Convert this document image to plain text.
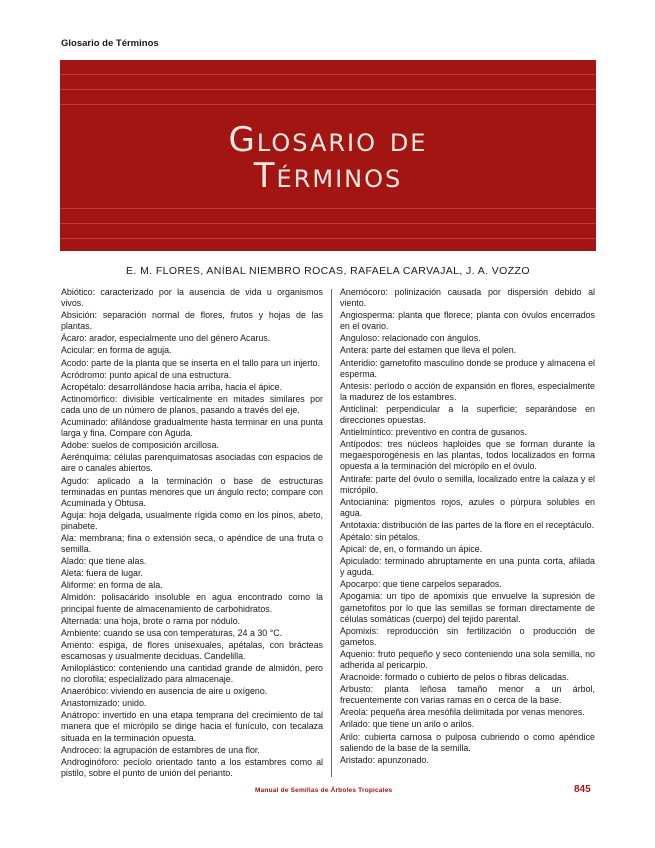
Glosario de Términos
Glosario de
Términos
E. M. FLORES, ANÍBAL NIEMBRO ROCAS, RAFAELA CARVAJAL, J. A. VOZZO

Abiótico: caracterizado por la ausencia de vida u organismos vivos.

Absición: separación normal de flores, frutos y hojas de las plantas.

Ácaro: arador, especialmente uno del género Acarus.

Acicular: en forma de aguja.

Acodo: parte de la planta que se inserta en el tallo para un injerto.

Acródromo: punto apical de una estructura.

Acropétalo: desarrollándose hacia arriba, hacia el ápice.

Actinomórfico: divisible verticalmente en mitades similares por cada uno de un número de planos, pasando a través del eje.

Acuminado: afilándose gradualmente hasta terminar en una punta larga y fina. Compare con Aguda.

Adobe: suelos de composición arcillosa.

Aerénquima: células parenquimatosas asociadas con espacios de aire o canales abiertos.

Agudo: aplicado a la terminación o base de estructuras terminadas en puntas menores que un ángulo recto; compare con Acuminada y Obtusa.

Aguja: hoja delgada, usualmente rígida como en los pinos, abeto, pinabete.

Ala: membrana; fina o extensión seca, o apéndice de una fruta o semilla.

Alado: que tiene alas.

Aleta: fuera de lugar.

Aliforme: en forma de ala.

Almidón: polisacárido insoluble en agua encontrado como la principal fuente de almacenamiento de carbohidratos.

Alternada: una hoja, brote o rama por nódulo.

Ambiente: cuando se usa con temperaturas, 24 a 30 °C.

Amento: espiga, de flores unisexuales, apétalas, con brácteas escamosas y usualmente deciduas. Candelilla.

Amiloplástico: conteniendo una cantidad grande de almidón, pero no clorofila; especializado para almacenaje.

Anaeróbico: viviendo en ausencia de aire u oxígeno.

Anastomizado: unido.

Anátropo: invertido en una etapa temprana del crecimiento de tal manera que el micrópilo se dirige hacia el funículo, con tecalaza situada en la terminación opuesta.

Androceo: la agrupación de estambres de una flor.

Androginóforo: pecíolo orientado tanto a los estambres como al pistilo, sobre el punto de unión del perianto.

Anemócoro: polinización causada por dispersión debido al viento.

Angiosperma: planta que florece; planta con óvulos encerrados en el ovario.

Anguloso: relacionado con ángulos.

Antera: parte del estamen que lleva el polen.

Anteridio: gametofito masculino donde se produce y almacena el esperma.

Antesis: período o acción de expansión en flores, especialmente la madurez de los estambres.

Anticlinal: perpendicular a la superficie; separándose en direcciones opuestas.

Antielmíntico: preventivo en contra de gusanos.

Antípodos: tres núcleos haploides que se forman durante la megaesporogénesis en las plantas, todos localizados en forma opuesta a la terminación del micrópilo en el óvulo.

Antirafe: parte del óvulo o semilla, localizado entre la calaza y el micrópilo.

Antocianina: pigmentos rojos, azules o púrpura solubles en agua.

Antotaxia: distribución de las partes de la flore en el receptáculo.

Apétalo: sin pétalos.

Apical: de, en, o formando un ápice.

Apiculado: terminado abruptamente en una punta corta, afilada y aguda.

Apocarpo: que tiene carpelos separados.

Apogamia: un tipo de apomixis que envuelve la supresión de gametofitos por lo que las semillas se forman directamente de células somáticas (cuerpo) del tejido parental.

Apomixis: reproducción sin fertilización o producción de gametos.

Aquenio: fruto pequeño y seco conteniendo una sola semilla, no adherida al pericarpio.

Aracnoide: formado o cubierto de pelos o fibras delicadas.

Arbusto: planta leñosa tamaño menor a un árbol, frecuentemente con varias ramas en o cerca de la base.

Areola: pequeña área mesófila delimitada por venas menores.

Arilado: que tiene un arilo o arilos.

Arilo: cubierta carnosa o pulposa cubriendo o como apéndice saliendo de la base de la semilla.

Aristado: apunzonado.

Manual de Semillas de Árboles Tropicales	845
